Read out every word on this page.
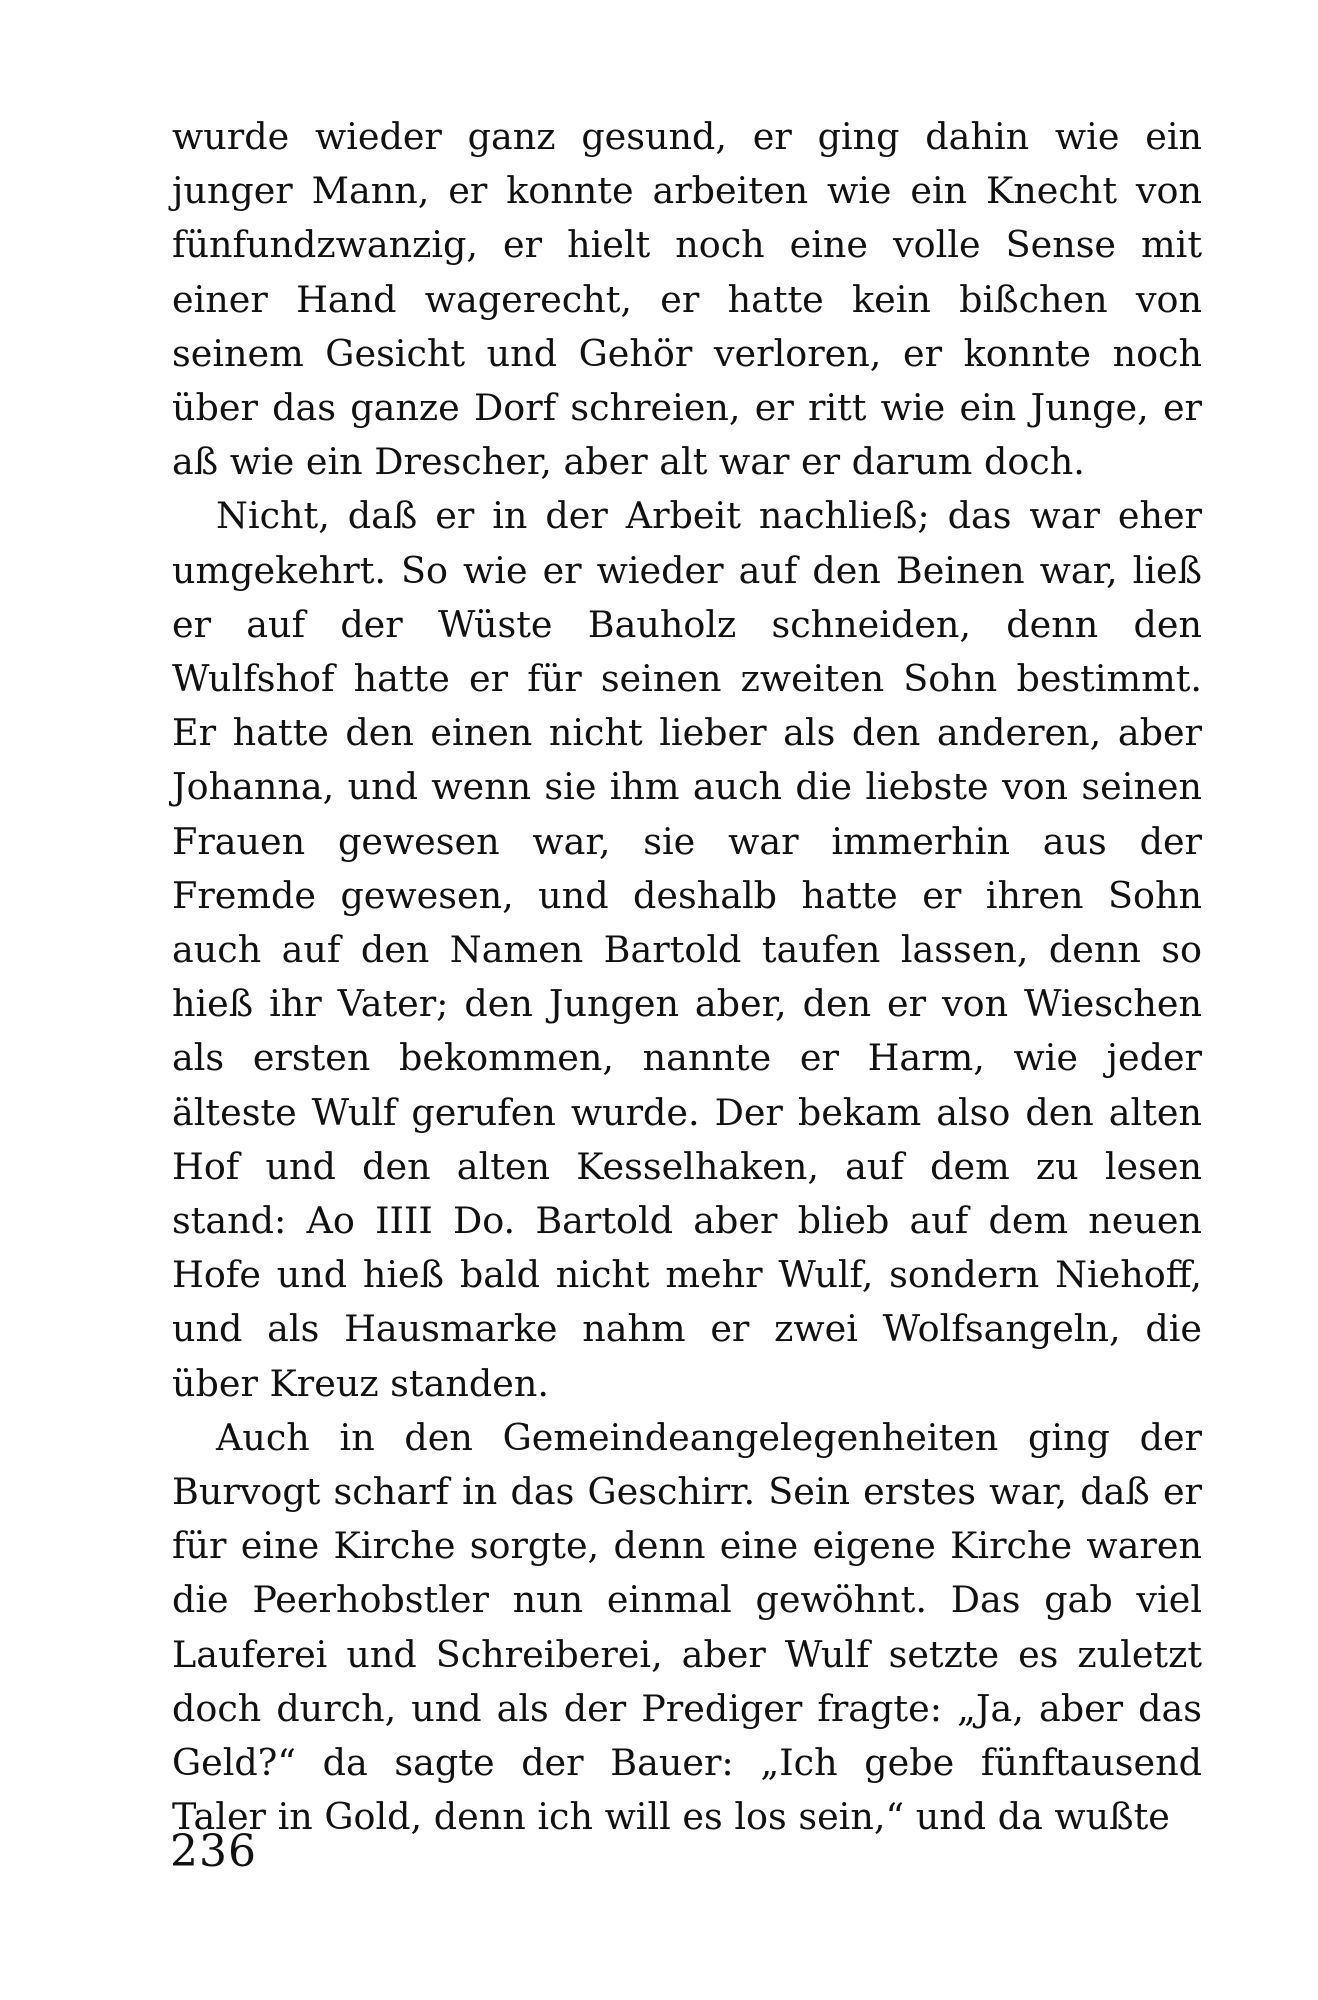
wurde wieder ganz gesund, er ging dahin wie ein junger Mann, er konnte arbeiten wie ein Knecht von fünfundzwanzig, er hielt noch eine volle Sense mit einer Hand wagerecht, er hatte kein bißchen von seinem Gesicht und Gehör verloren, er konnte noch über das ganze Dorf schreien, er ritt wie ein Junge, er aß wie ein Drescher, aber alt war er darum doch.

Nicht, daß er in der Arbeit nachließ; das war eher umgekehrt. So wie er wieder auf den Beinen war, ließ er auf der Wüste Bauholz schneiden, denn den Wulfshof hatte er für seinen zweiten Sohn bestimmt. Er hatte den einen nicht lieber als den anderen, aber Johanna, und wenn sie ihm auch die liebste von seinen Frauen gewesen war, sie war immerhin aus der Fremde gewesen, und deshalb hatte er ihren Sohn auch auf den Namen Bartold taufen lassen, denn so hieß ihr Vater; den Jungen aber, den er von Wieschen als ersten bekommen, nannte er Harm, wie jeder älteste Wulf gerufen wurde. Der bekam also den alten Hof und den alten Kesselhaken, auf dem zu lesen stand: Ao IIII Do. Bartold aber blieb auf dem neuen Hofe und hieß bald nicht mehr Wulf, sondern Niehoff, und als Hausmarke nahm er zwei Wolfsangeln, die über Kreuz standen.

Auch in den Gemeindeangelegenheiten ging der Burvogt scharf in das Geschirr. Sein erstes war, daß er für eine Kirche sorgte, denn eine eigene Kirche waren die Peerhobstler nun einmal gewöhnt. Das gab viel Lauferei und Schreiberei, aber Wulf setzte es zuletzt doch durch, und als der Prediger fragte: „Ja, aber das Geld?“ da sagte der Bauer: „Ich gebe fünftausend Taler in Gold, denn ich will es los sein,“ und da wußte

236
